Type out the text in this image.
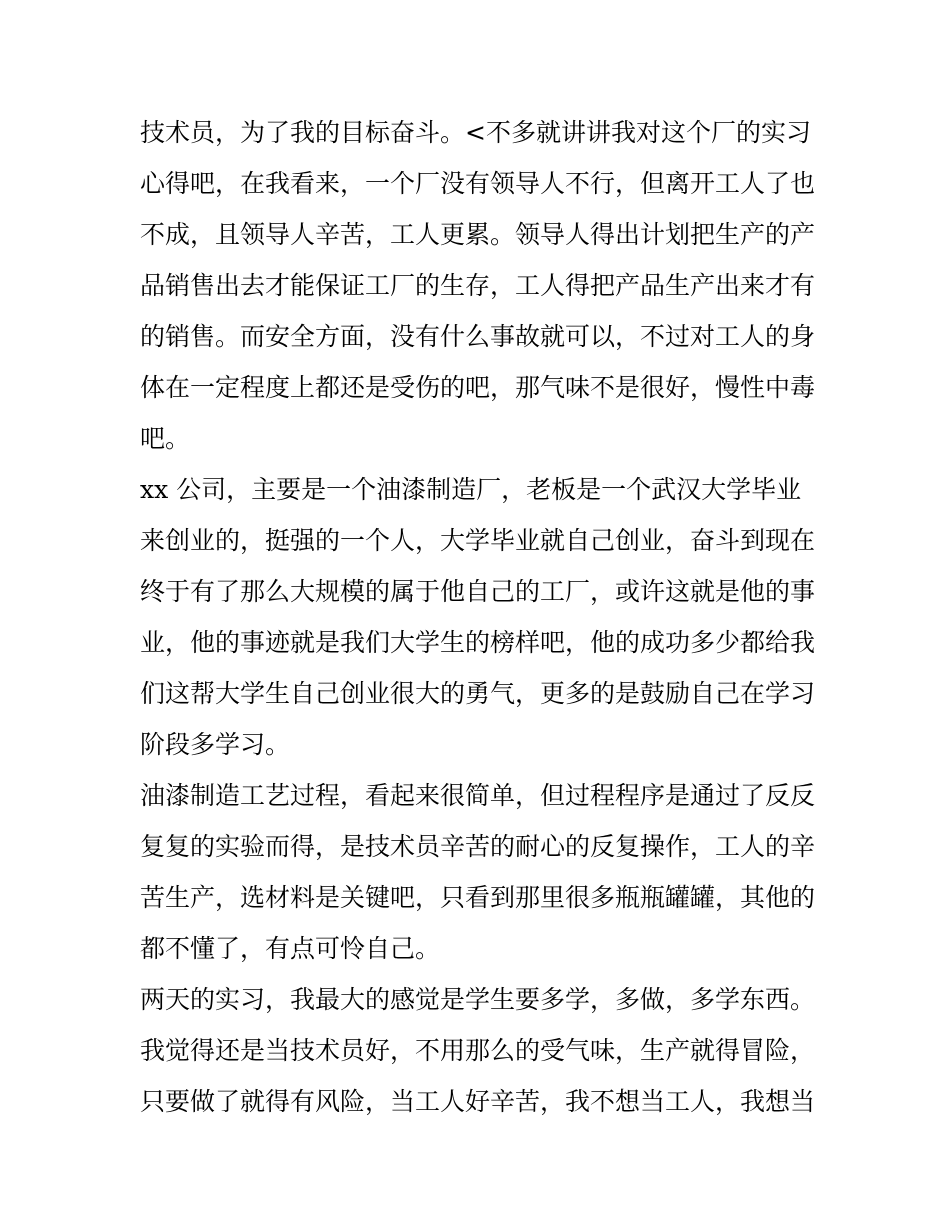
技术员，为了我的目标奋斗。<不多就讲讲我对这个厂的实习
心得吧，在我看来，一个厂没有领导人不行，但离开工人了也
不成，且领导人辛苦，工人更累。领导人得出计划把生产的产
品销售出去才能保证工厂的生存，工人得把产品生产出来才有
的销售。而安全方面，没有什么事故就可以，不过对工人的身
体在一定程度上都还是受伤的吧，那气味不是很好，慢性中毒
吧。
xx 公司，主要是一个油漆制造厂，老板是一个武汉大学毕业
来创业的，挺强的一个人，大学毕业就自己创业，奋斗到现在
终于有了那么大规模的属于他自己的工厂，或许这就是他的事
业，他的事迹就是我们大学生的榜样吧，他的成功多少都给我
们这帮大学生自己创业很大的勇气，更多的是鼓励自己在学习
阶段多学习。
油漆制造工艺过程，看起来很简单，但过程程序是通过了反反
复复的实验而得，是技术员辛苦的耐心的反复操作，工人的辛
苦生产，选材料是关键吧，只看到那里很多瓶瓶罐罐，其他的
都不懂了，有点可怜自己。
两天的实习，我最大的感觉是学生要多学，多做，多学东西。
我觉得还是当技术员好，不用那么的受气味，生产就得冒险，
只要做了就得有风险，当工人好辛苦，我不想当工人，我想当
